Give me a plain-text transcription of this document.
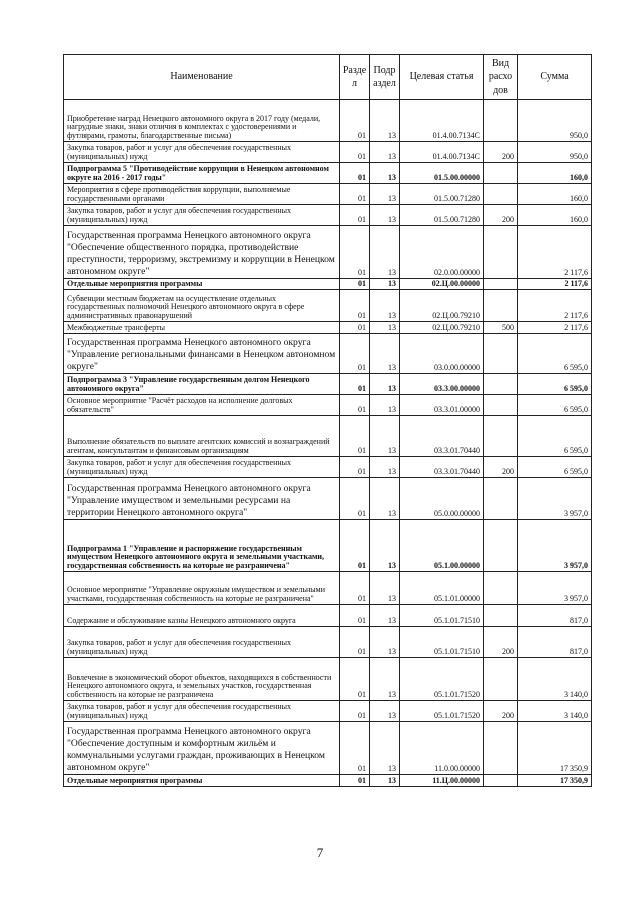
Наименование	Разде л	Подр аздел	Целевая статья	Вид расхо дов	Сумма
Приобретение наград Ненецкого автономного округа в 2017 году (медали, нагрудные знаки, знаки отличия в комплектах с удостоверениями и футлярами, грамоты, благодарственные письма)	01	13	01.4.00.7134C		950,0
Закупка товаров, работ и услуг для обеспечения государственных (муниципальных) нужд	01	13	01.4.00.7134C	200	950,0
Подпрограмма 5 "Противодействие коррупции в Ненецком автономном округе на 2016 - 2017 годы"	01	13	01.5.00.00000		160,0
Мероприятия в сфере противодействия коррупции, выполняемые государственными органами	01	13	01.5.00.71280		160,0
Закупка товаров, работ и услуг для обеспечения государственных (муниципальных) нужд	01	13	01.5.00.71280	200	160,0
Государственная программа Ненецкого автономного округа "Обеспечение общественного порядка, противодействие преступности, терроризму, экстремизму и коррупции в Ненецком автономном округе"	01	13	02.0.00.00000		2 117,6
Отдельные мероприятия программы	01	13	02.Ц.00.00000		2 117,6
Субвенции местным бюджетам на осуществление отдельных государственных полномочий Ненецкого автономного округа в сфере административных правонарушений	01	13	02.Ц.00.79210		2 117,6
Межбюджетные трансферты	01	13	02.Ц.00.79210	500	2 117,6
Государственная программа Ненецкого автономного округа "Управление региональными финансами в Ненецком автономном округе"	01	13	03.0.00.00000		6 595,0
Подпрограмма 3 "Управление государственным долгом Ненецкого автономного округа"	01	13	03.3.00.00000		6 595,0
Основное мероприятие "Расчёт расходов на исполнение долговых обязательств"	01	13	03.3.01.00000		6 595,0
Выполнение обязательств по выплате агентских комиссий и вознаграждений агентам, консультантам и финансовым организациям	01	13	03.3.01.70440		6 595,0
Закупка товаров, работ и услуг для обеспечения государственных (муниципальных) нужд	01	13	03.3.01.70440	200	6 595,0
Государственная программа Ненецкого автономного округа "Управление имуществом и земельными ресурсами на территории Ненецкого автономного округа"	01	13	05.0.00.00000		3 957,0
Подпрограмма 1 "Управление и распоряжение государственным имуществом Ненецкого автономного округа и земельными участками, государственная собственность на которые не разграничена"	01	13	05.1.00.00000		3 957,0
Основное мероприятие "Управление окружным имуществом и земельными участками, государственная собственность на которые не разграничена"	01	13	05.1.01.00000		3 957,0
Содержание и обслуживание казны Ненецкого автономного округа	01	13	05.1.01.71510		817,0
Закупка товаров, работ и услуг для обеспечения государственных (муниципальных) нужд	01	13	05.1.01.71510	200	817,0
Вовлечение в экономический оборот объектов, находящихся в собственности Ненецкого автономного округа, и земельных участков, государственная собственность на которые не разграничена	01	13	05.1.01.71520		3 140,0
Закупка товаров, работ и услуг для обеспечения государственных (муниципальных) нужд	01	13	05.1.01.71520	200	3 140,0
Государственная программа Ненецкого автономного округа "Обеспечение доступным и комфортным жильём и коммунальными услугами граждан, проживающих в Ненецком автономном округе"	01	13	11.0.00.00000		17 350,9
Отдельные мероприятия программы	01	13	11.Ц.00.00000		17 350,9
7
